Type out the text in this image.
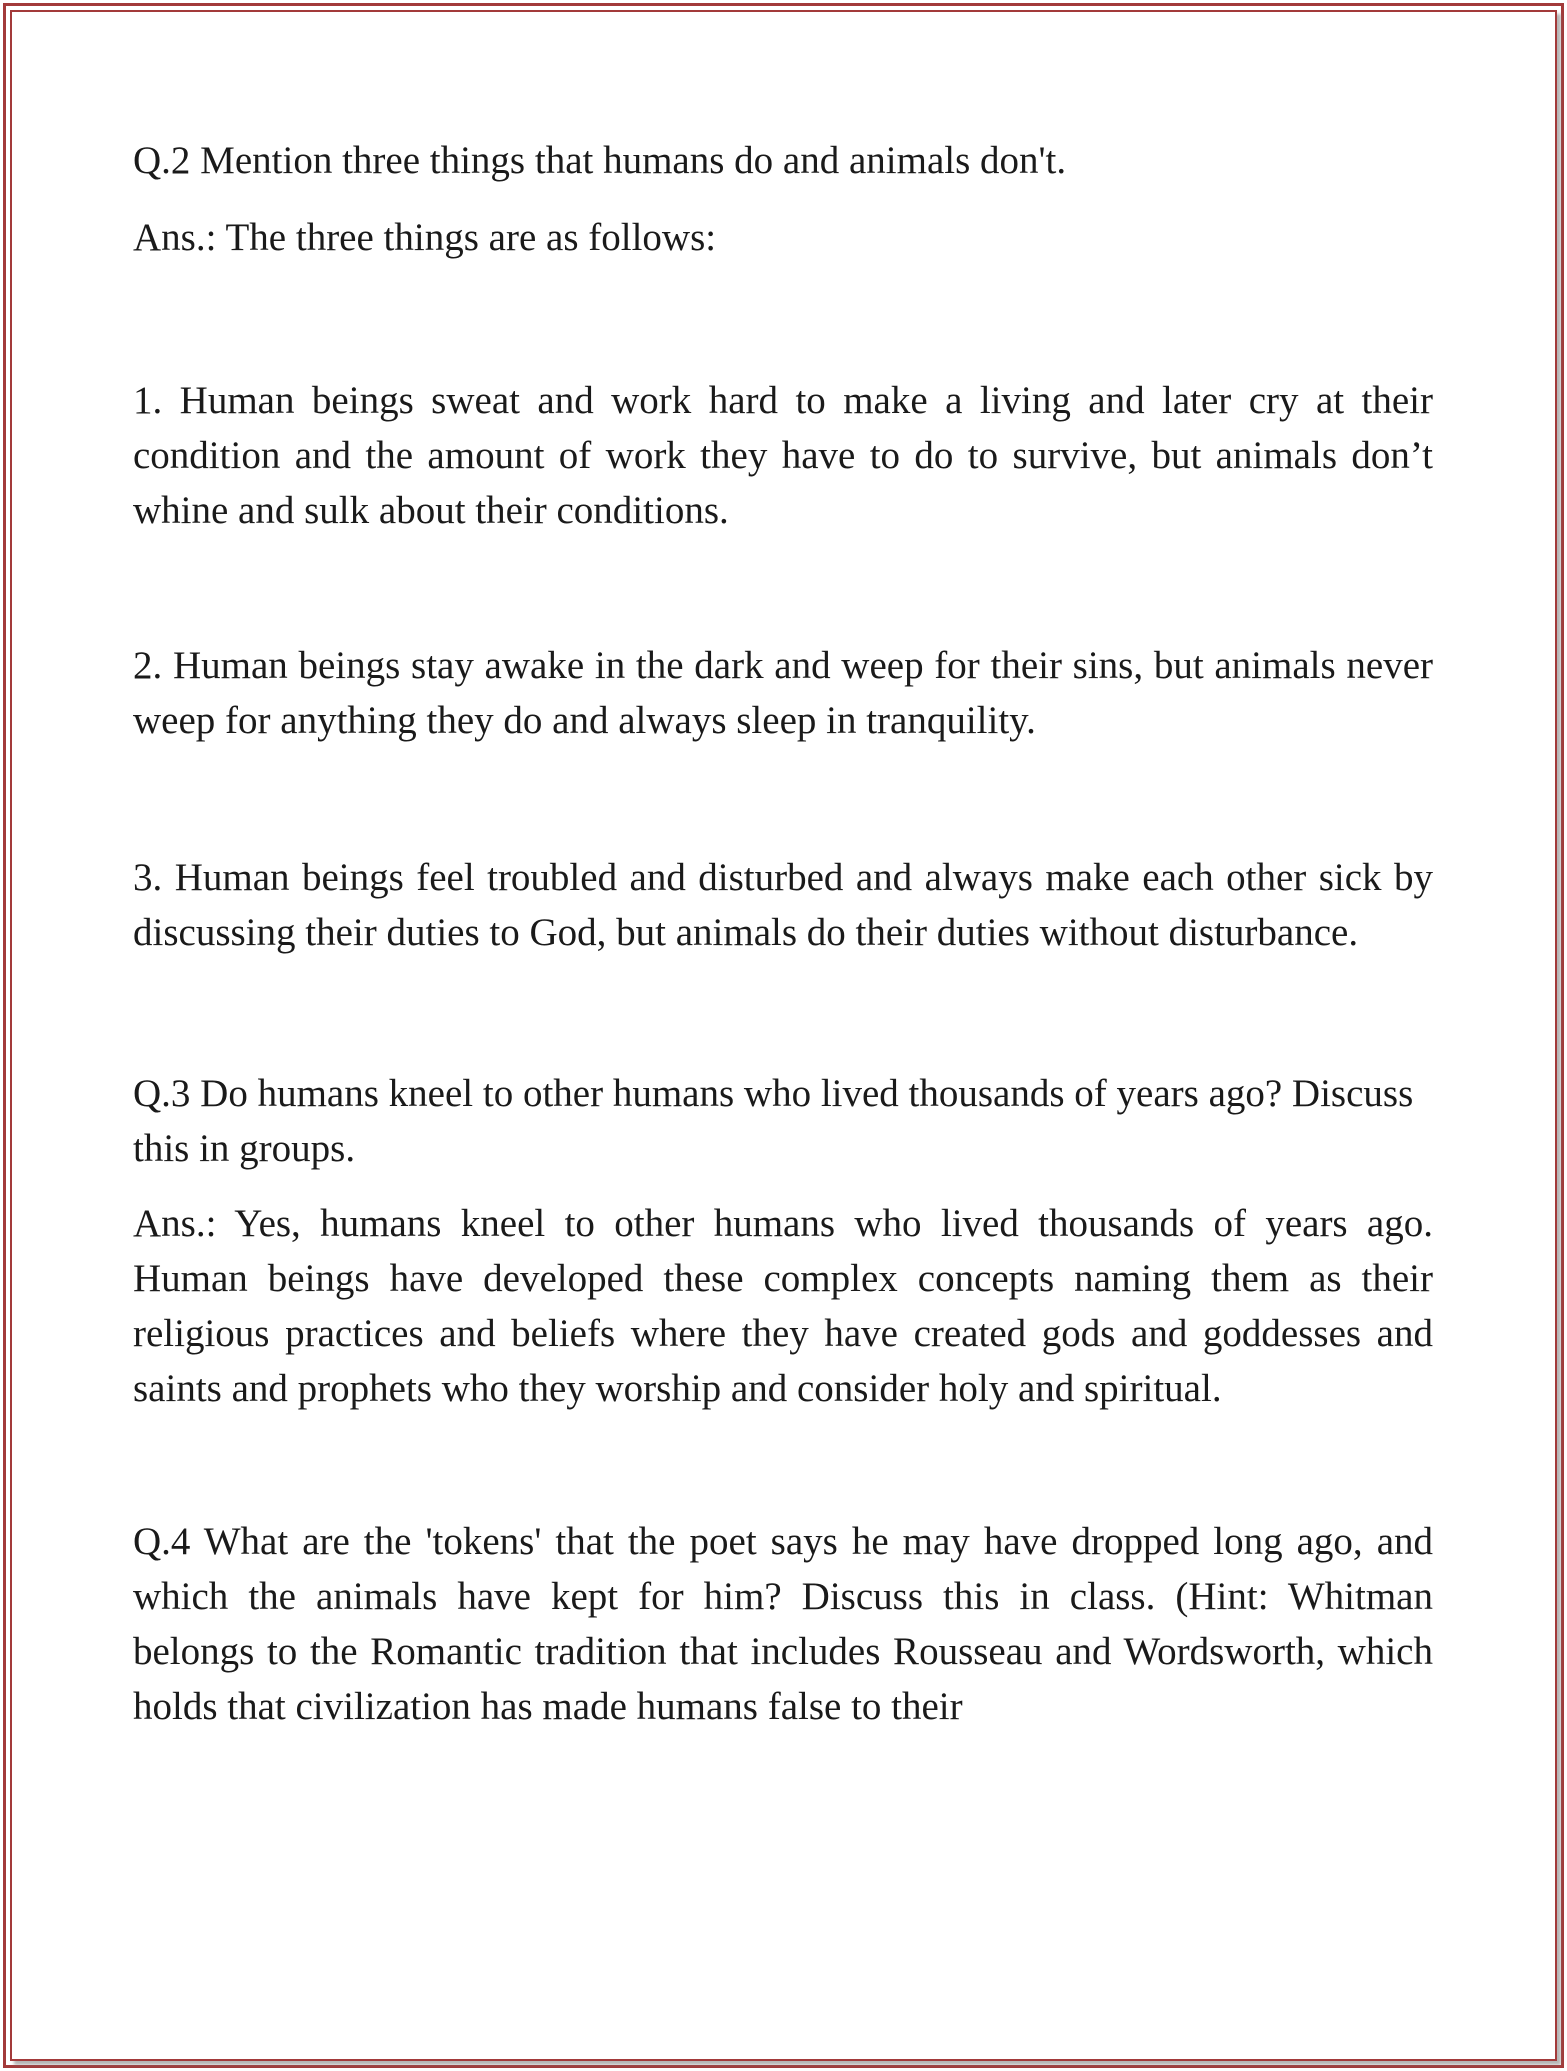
Q.2 Mention three things that humans do and animals don't.

Ans.: The three things are as follows:

1. Human beings sweat and work hard to make a living and later cry at their condition and the amount of work they have to do to survive, but animals don’t whine and sulk about their conditions.

2. Human beings stay awake in the dark and weep for their sins, but animals never weep for anything they do and always sleep in tranquility.

3. Human beings feel troubled and disturbed and always make each other sick by discussing their duties to God, but animals do their duties without disturbance.

Q.3 Do humans kneel to other humans who lived thousands of years ago? Discuss this in groups.

Ans.: Yes, humans kneel to other humans who lived thousands of years ago. Human beings have developed these complex concepts naming them as their religious practices and beliefs where they have created gods and goddesses and saints and prophets who they worship and consider holy and spiritual.

Q.4 What are the 'tokens' that the poet says he may have dropped long ago, and which the animals have kept for him? Discuss this in class. (Hint: Whitman belongs to the Romantic tradition that includes Rousseau and Wordsworth, which holds that civilization has made humans false to their
